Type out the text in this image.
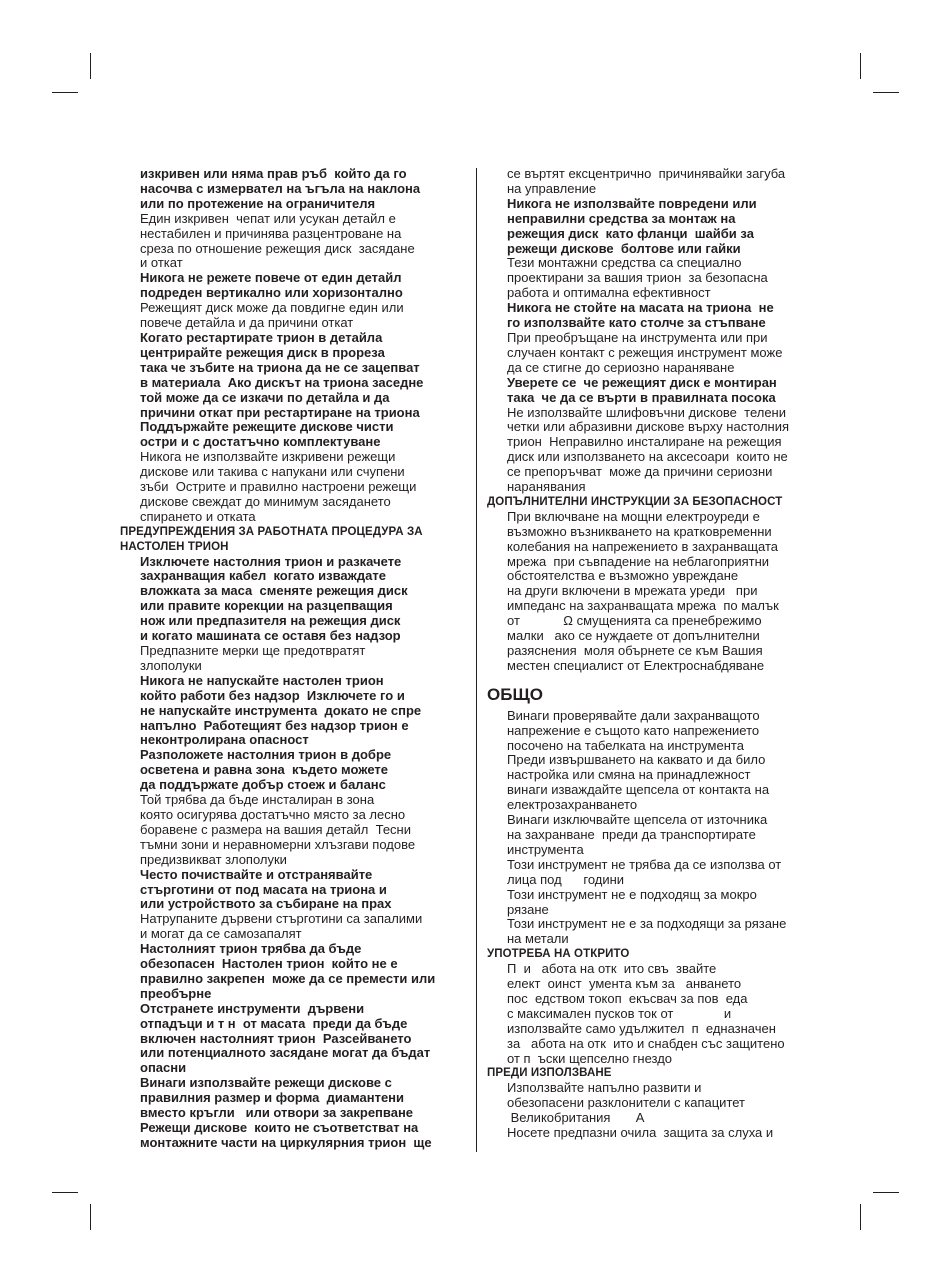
изкривен или няма прав ръб  който да го
насочва с измервател на ъгъла на наклона
или по протежение на ограничителя
Един изкривен  чепат или усукан детайл е
нестабилен и причинява разцентроване на
среза по отношение режещия диск  засядане
и откат
Никога не режете повече от един детайл
подреден вертикално или хоризонтално
Режещият диск може да повдигне един или
повече детайла и да причини откат
Когато рестартирате трион в детайла
центрирайте режещия диск в прореза
така че зъбите на триона да не се зацепват
в материала  Ако дискът на триона заседне
той може да се изкачи по детайла и да
причини откат при рестартиране на триона
Поддържайте режещите дискове чисти
остри и с достатъчно комплектуване
Никога не използвайте изкривени режещи
дискове или такива с напукани или счупени
зъби  Острите и правилно настроени режещи
дискове свеждат до минимум засядането
спирането и отката
ПРЕДУПРЕЖДЕНИЯ ЗА РАБОТНАТА ПРОЦЕДУРА ЗА
НАСТОЛЕН ТРИОН
Изключете настолния трион и разкачете
захранващия кабел  когато изваждате
вложката за маса  сменяте режещия диск
или правите корекции на разцепващия
нож или предпазителя на режещия диск
и когато машината се оставя без надзор
Предпазните мерки ще предотвратят
злополуки
Никога не напускайте настолен трион
който работи без надзор  Изключете го и
не напускайте инструмента  докато не спре
напълно  Работещият без надзор трион е
неконтролирана опасност
Разположете настолния трион в добре
осветена и равна зона  където можете
да поддържате добър стоеж и баланс
Той трябва да бъде инсталиран в зона
която осигурява достатъчно място за лесно
боравене с размера на вашия детайл  Тесни
тъмни зони и неравномерни хлъзгави подове
предизвикват злополуки
Често почиствайте и отстранявайте
стърготини от под масата на триона и
или устройството за събиране на прах
Натрупаните дървени стърготини са запалими
и могат да се самозапалят
Настолният трион трябва да бъде
обезопасен  Настолен трион  който не е
правилно закрепен  може да се премести или
преобърне
Отстранете инструменти  дървени
отпадъци и т н  от масата  преди да бъде
включен настолният трион  Разсейването
или потенциалното засядане могат да бъдат
опасни
Винаги използвайте режещи дискове с
правилния размер и форма  диамантени
вместо кръгли   или отвори за закрепване
Режещи дискове  които не съответстват на
монтажните части на циркулярния трион  ще
се въртят ексцентрично  причинявайки загуба
на управление
Никога не използвайте повредени или
неправилни средства за монтаж на
режещия диск  като фланци  шайби за
режещи дискове  болтове или гайки
Тези монтажни средства са специално
проектирани за вашия трион  за безопасна
работа и оптимална ефективност
Никога не стойте на масата на триона  не
го използвайте като столче за стъпване
При преобръщане на инструмента или при
случаен контакт с режещия инструмент може
да се стигне до сериозно нараняване
Уверете се  че режещият диск е монтиран
така  че да се върти в правилната посока
Не използвайте шлифовъчни дискове  телени
четки или абразивни дискове върху настолния
трион  Неправилно инсталиране на режещия
диск или използването на аксесоари  които не
се препоръчват  може да причини сериозни
наранявания
ДОПЪЛНИТЕЛНИ ИНСТРУКЦИИ ЗА БЕЗОПАСНОСТ
При включване на мощни електроуреди е
възможно възникването на кратковременни
колебания на напрежението в захранващата
мрежа  при съвпадение на неблагоприятни
обстоятелства е възможно увреждане
на други включени в мрежата уреди   при
импеданс на захранващата мрежа  по малък
от            Ω смущенията са пренебрежимо
малки   ако се нуждаете от допълнителни
разяснения  моля обърнете се към Вашия
местен специалист от Електроснабдяване
ОБЩО
Винаги проверявайте дали захранващото
напрежение е същото като напрежението
посочено на табелката на инструмента
Преди извършването на каквато и да било
настройка или смяна на принадлежност
винаги изваждайте щепсела от контакта на
електрозахранването
Винаги изключвайте щепсела от източника
на захранване  преди да транспортирате
инструмента
Този инструмент не трябва да се използва от
лица под      години
Този инструмент не е подходящ за мокро
рязане
Този инструмент не е за подходящи за рязане
на метали
УПОТРЕБА НА ОТКРИТО
П  и   абота на отк  ито свъ  звайте
елект  оинст  умента към за   анването
пос  едством токоп  екъсвач за пов  еда
с максимален пусков ток от              и
използвайте само удължител  п  едназначен
за   абота на отк  ито и снабден със защитено
от п  ъски щепселно гнездо
ПРЕДИ ИЗПОЛЗВАНЕ
Използвайте напълно развити и
обезопасени разклонители с капацитет
Великобритания       А
Носете предпазни очила  защита за слуха и
